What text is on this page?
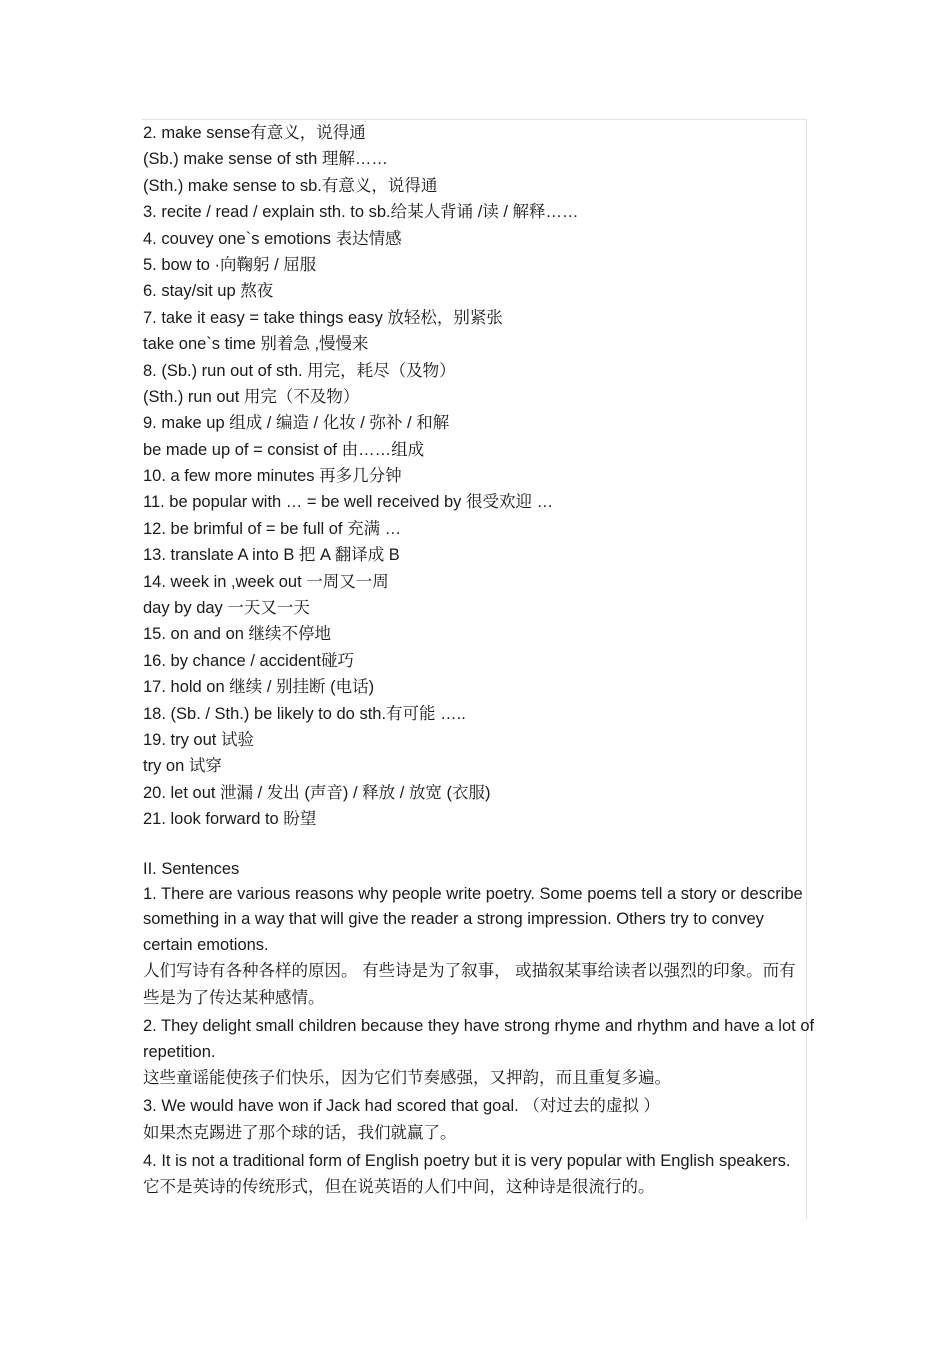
2. make sense有意义，说得通
(Sb.) make sense of sth 理解……
(Sth.) make sense to sb.有意义，说得通
3. recite / read / explain sth. to sb.给某人背诵 /读 / 解释……
4. couvey one`s emotions 表达情感
5. bow to ·向鞠躬 / 屈服
6. stay/sit up 熬夜
7. take it easy = take things easy 放轻松，别紧张
take one`s time 别着急 ,慢慢来
8. (Sb.) run out of sth. 用完，耗尽（及物）
(Sth.) run out 用完（不及物）
9. make up 组成 / 编造 / 化妆 / 弥补 / 和解
be made up of = consist of 由……组成
10. a few more minutes 再多几分钟
11. be popular with … = be well received by 很受欢迎 …
12. be brimful of = be full of 充满 …
13. translate A into B 把 A 翻译成 B
14. week in ,week out 一周又一周
day by day 一天又一天
15. on and on 继续不停地
16. by chance / accident碰巧
17. hold on 继续 / 别挂断 (电话)
18. (Sb. / Sth.) be likely to do sth.有可能 …..
19. try out 试验
try on 试穿
20. let out 泄漏 / 发出 (声音) / 释放 / 放宽 (衣服)
21. look forward to 盼望
II. Sentences
1. There are various reasons why people write poetry. Some poems tell a story or describe something in a way that will give the reader a strong impression. Others try to convey certain emotions.
人们写诗有各种各样的原因。 有些诗是为了叙事， 或描叙某事给读者以强烈的印象。而有些是为了传达某种感情。
2. They delight small children because they have strong rhyme and rhythm and have a lot of repetition.
这些童谣能使孩子们快乐，因为它们节奏感强，又押韵，而且重复多遍。
3. We would have won if Jack had scored that goal. （对过去的虚拟 ）
如果杰克踢进了那个球的话，我们就赢了。
4. It is not a traditional form of English poetry but it is very popular with English speakers.
它不是英诗的传统形式，但在说英语的人们中间，这种诗是很流行的。
